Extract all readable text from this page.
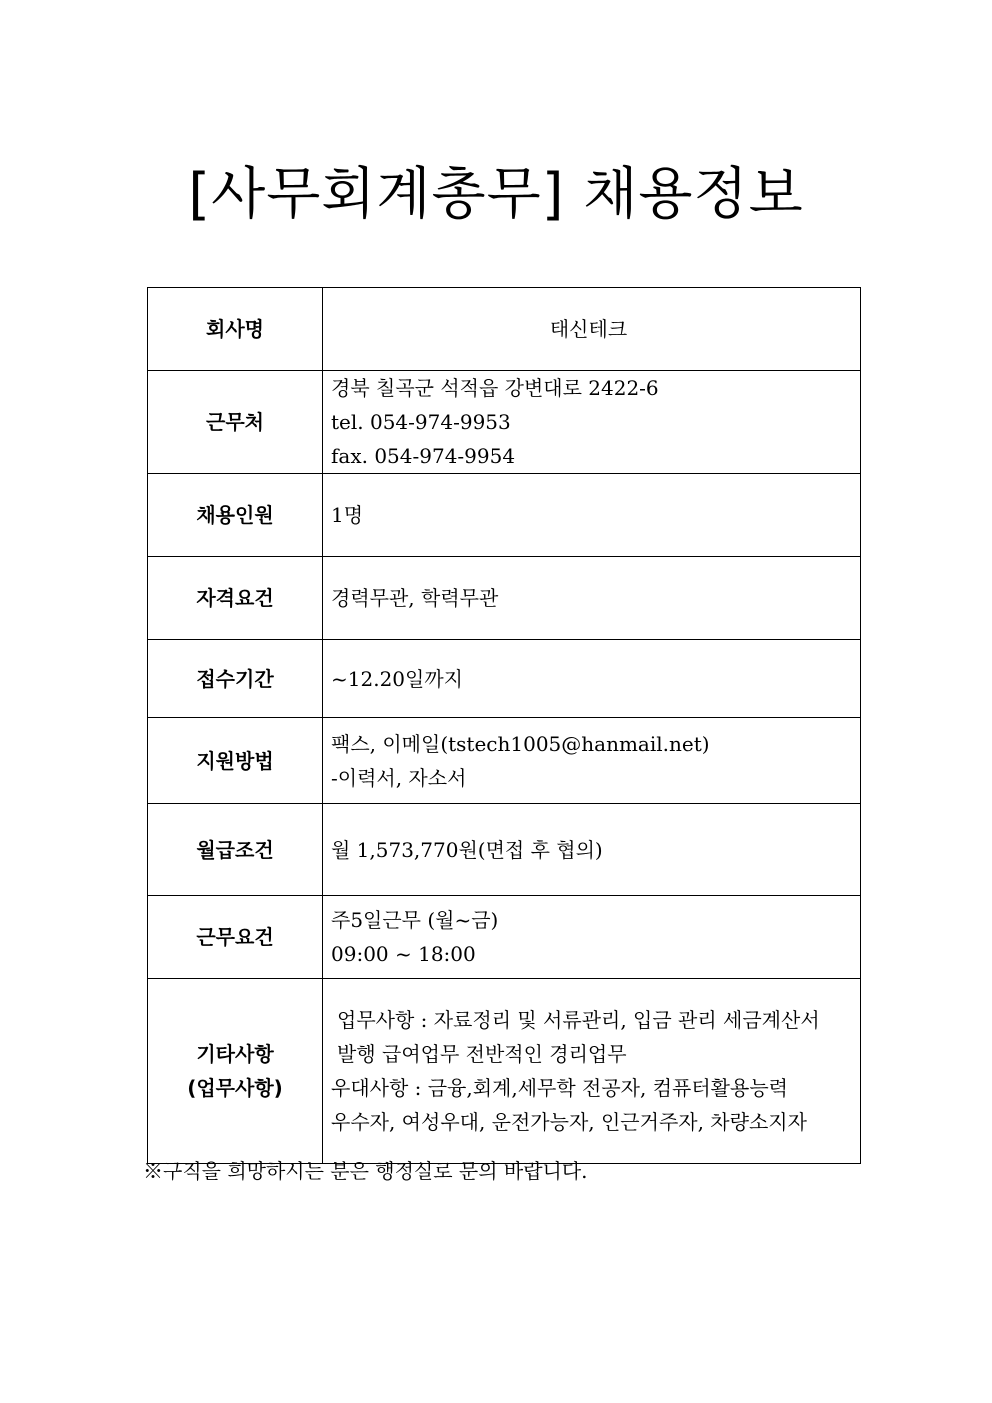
[사무회계총무] 채용정보
회사명	태신테크

근무처	경북 칠곡군 석적읍 강변대로 2422-6
tel. 054-974-9953
fax. 054-974-9954

채용인원	1명

자격요건	경력무관, 학력무관

접수기간	~12.20일까지

지원방법	팩스, 이메일(tstech1005@hanmail.net)
-이력서, 자소서

월급조건	월 1,573,770원(면접 후 협의)

근무요건	주5일근무 (월~금)
09:00 ~ 18:00

기타사항
(업무사항)	업무사항 : 자료정리 및 서류관리, 입금 관리 세금계산서 발행 급여업무 전반적인 경리업무
우대사항 : 금융,회계,세무학 전공자, 컴퓨터활용능력 우수자, 여성우대, 운전가능자, 인근거주자, 차량소지자
※구직을 희망하시는 분은 행정실로 문의 바랍니다.
